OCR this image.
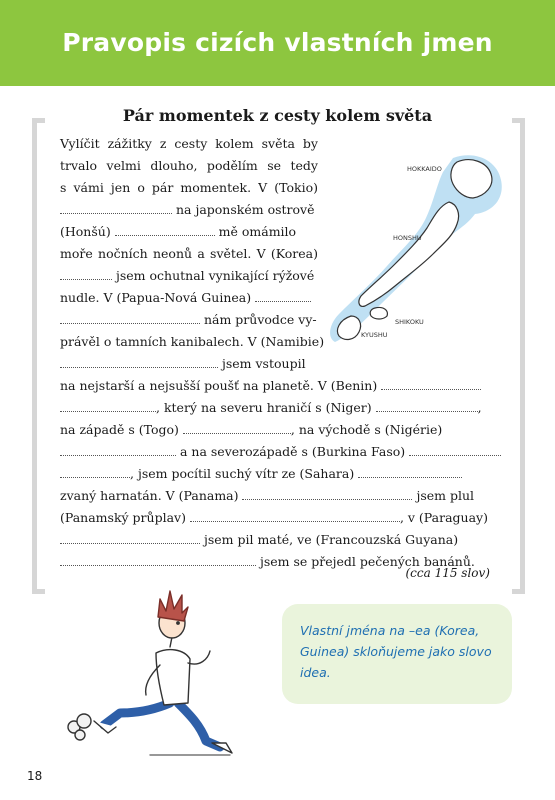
Pravopis cizích vlastních jmen
Pár momentek z cesty kolem světa
Vylíčit zážitky z cesty kolem světa by
trvalo velmi dlouho, podělím se tedy
s vámi jen o pár momentek. V (Tokio)
na japonském ostrově
(Honšú)	mě omámilo
moře nočních neonů a světel. V (Korea)
jsem ochutnal vynikající rýžové
nudle. V (Papua-Nová Guinea)
nám průvodce vy-
právěl o tamních kanibalech. V (Namibie)
jsem vstoupil
na nejstarší a nejsušší poušť na planetě. V (Benin)
, který na severu hraničí s (Niger)	,
na západě s (Togo)	, na východě s (Nigérie)
a na severozápadě s (Burkina Faso)
, jsem pocítil suchý vítr ze (Sahara)
zvaný harnatán. V (Panama)	jsem plul
(Panamský průplav)	, v (Paraguay)
jsem pil maté, ve (Francouzská Guyana)
jsem se přejedl pečených banánů.
(cca 115 slov)
HOKKAIDO
HONSHU
SHIKOKU
KYUSHU

Vlastní jména na –ea (Korea, Guinea) skloňujeme jako slovo idea.

18
